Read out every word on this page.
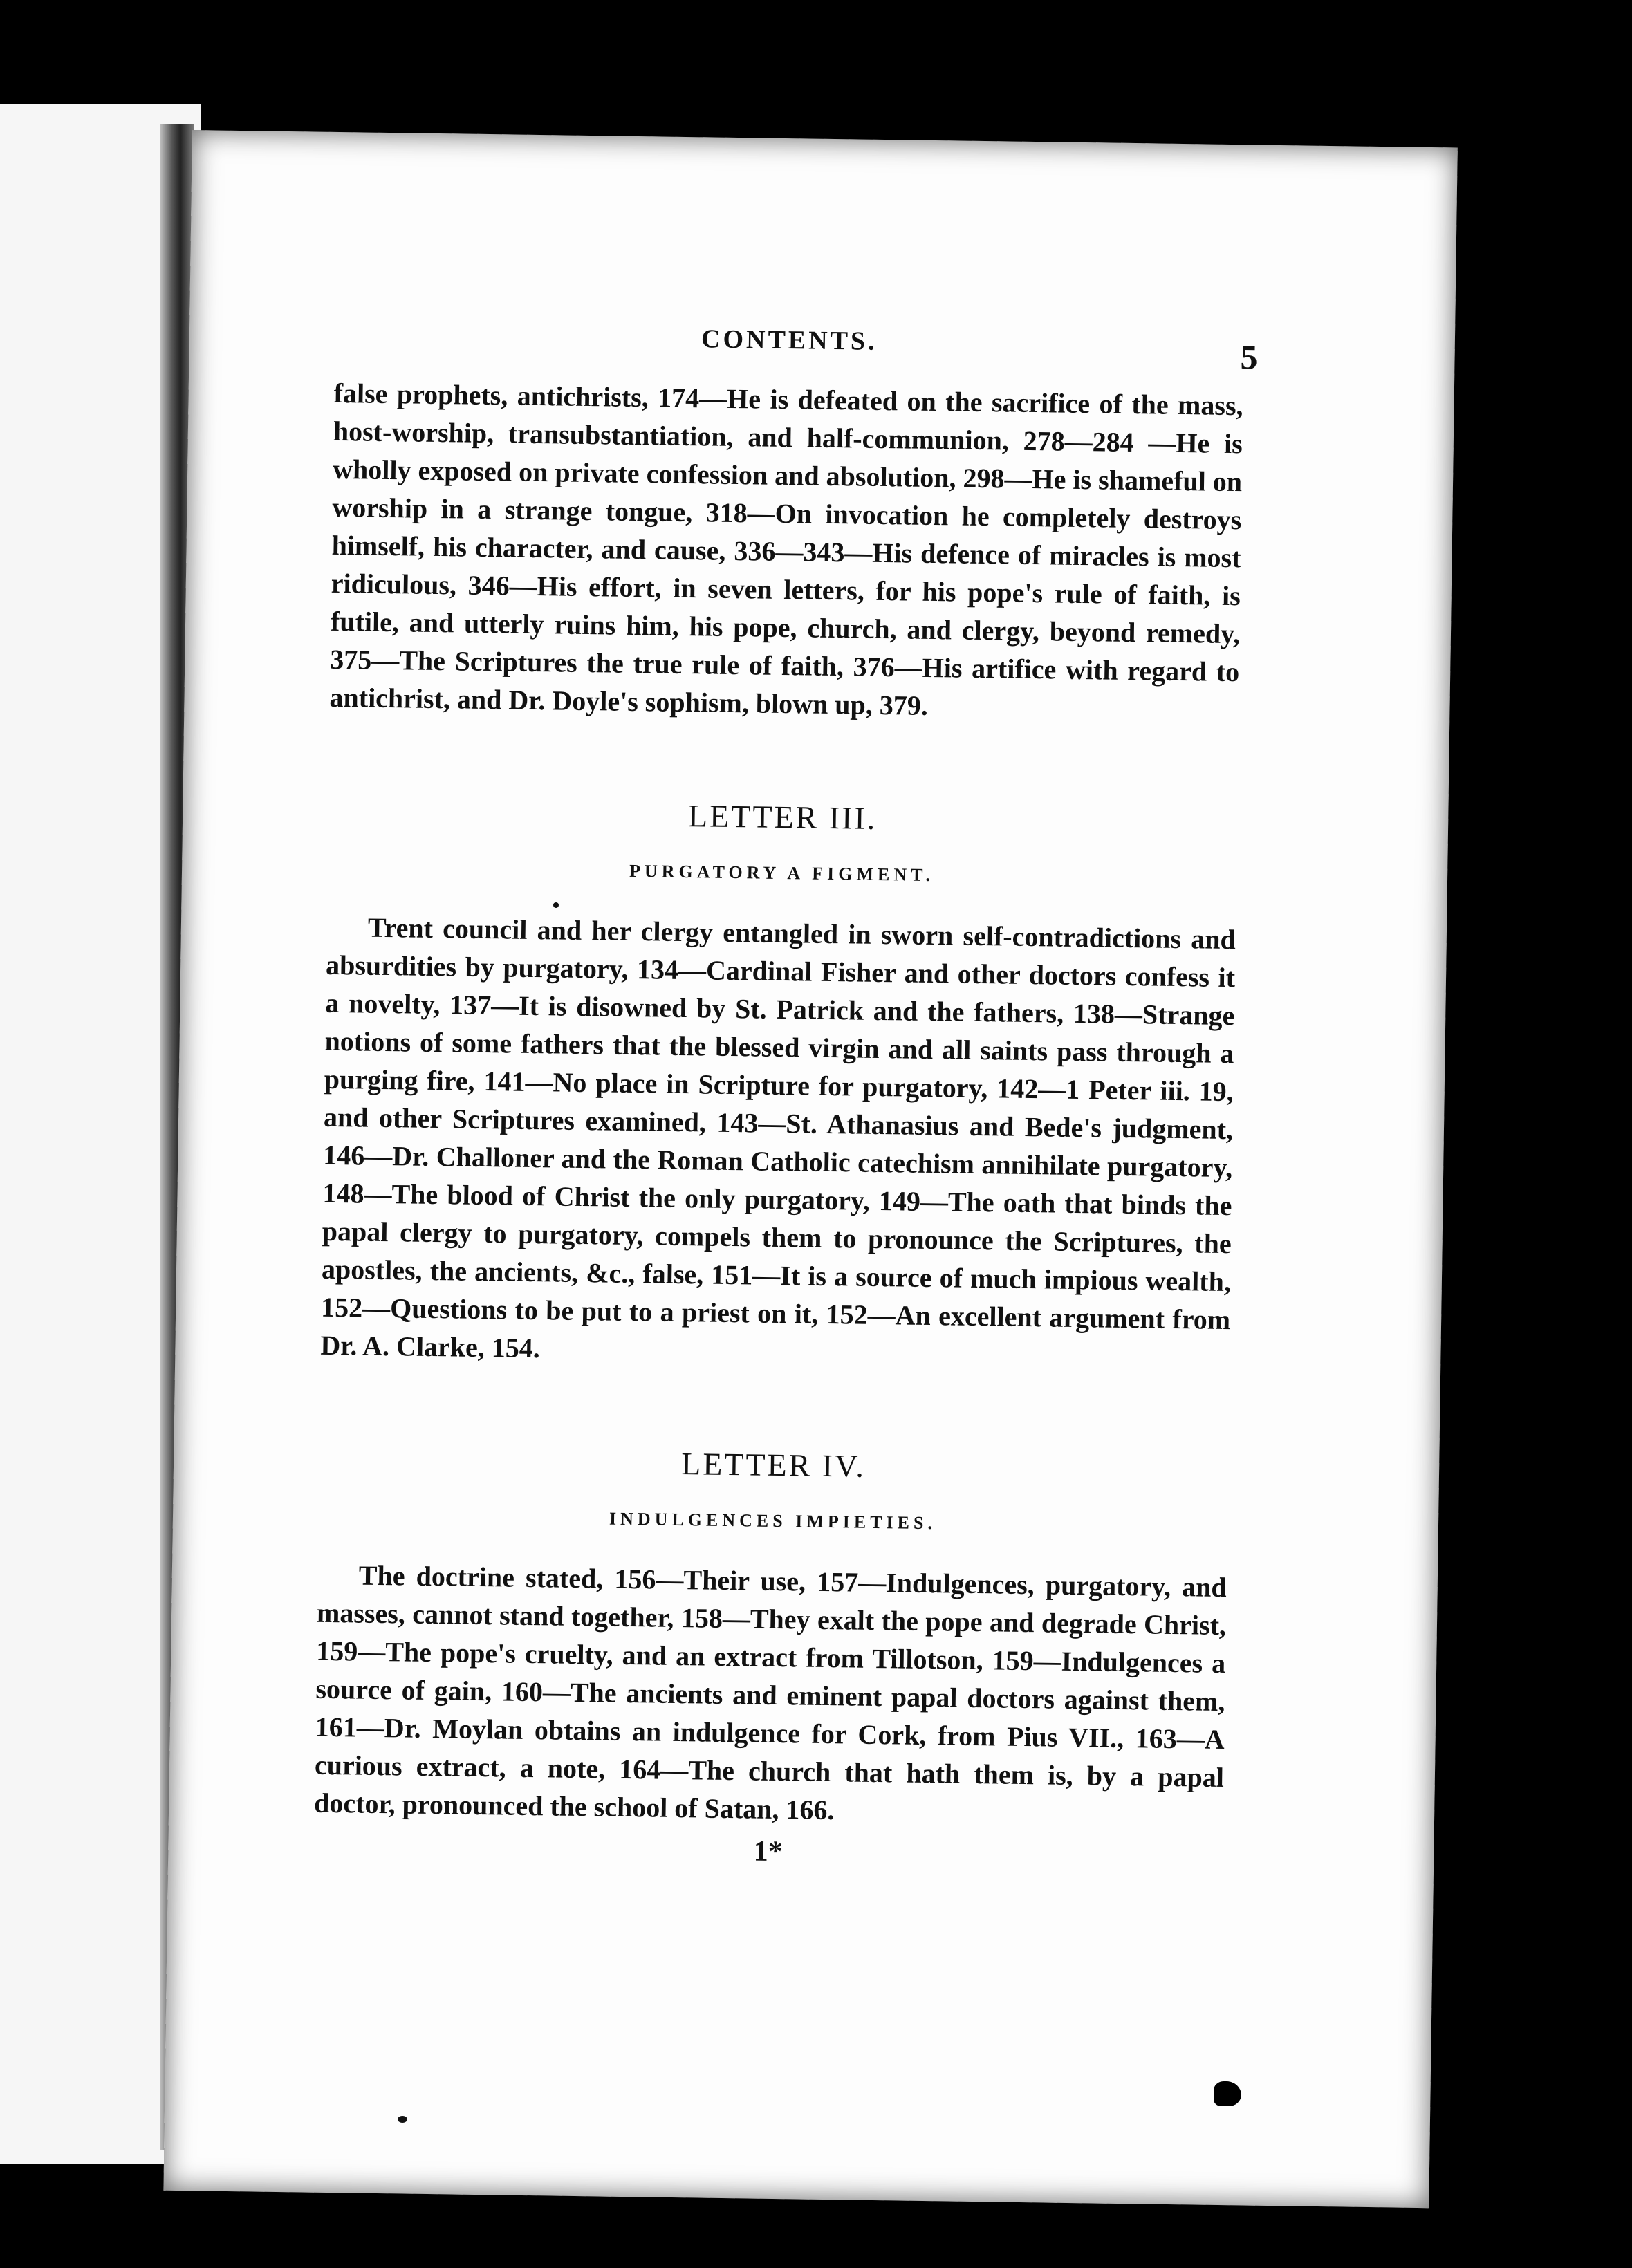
CONTENTS.	5

false prophets, antichrists, 174—He is defeated on the sacrifice of the mass, host-worship, transubstantiation, and half-communion, 278—284 —He is wholly exposed on private confession and absolution, 298—He is shameful on worship in a strange tongue, 318—On invocation he completely destroys himself, his character, and cause, 336—343—His defence of miracles is most ridiculous, 346—His effort, in seven letters, for his pope's rule of faith, is futile, and utterly ruins him, his pope, church, and clergy, beyond remedy, 375—The Scriptures the true rule of faith, 376—His artifice with regard to antichrist, and Dr. Doyle's sophism, blown up, 379.

LETTER III.
PURGATORY A FIGMENT.

Trent council and her clergy entangled in sworn self-contradictions and absurdities by purgatory, 134—Cardinal Fisher and other doctors confess it a novelty, 137—It is disowned by St. Patrick and the fathers, 138—Strange notions of some fathers that the blessed virgin and all saints pass through a purging fire, 141—No place in Scripture for purgatory, 142—1 Peter iii. 19, and other Scriptures examined, 143—St. Athanasius and Bede's judgment, 146—Dr. Challoner and the Roman Catholic catechism annihilate purgatory, 148—The blood of Christ the only purgatory, 149—The oath that binds the papal clergy to purgatory, compels them to pronounce the Scriptures, the apostles, the ancients, &c., false, 151—It is a source of much impious wealth, 152—Questions to be put to a priest on it, 152—An excellent argument from Dr. A. Clarke, 154.

LETTER IV.
INDULGENCES IMPIETIES.

The doctrine stated, 156—Their use, 157—Indulgences, purgatory, and masses, cannot stand together, 158—They exalt the pope and degrade Christ, 159—The pope's cruelty, and an extract from Tillotson, 159—Indulgences a source of gain, 160—The ancients and eminent papal doctors against them, 161—Dr. Moylan obtains an indulgence for Cork, from Pius VII., 163—A curious extract, a note, 164—The church that hath them is, by a papal doctor, pronounced the school of Satan, 166.

1*
